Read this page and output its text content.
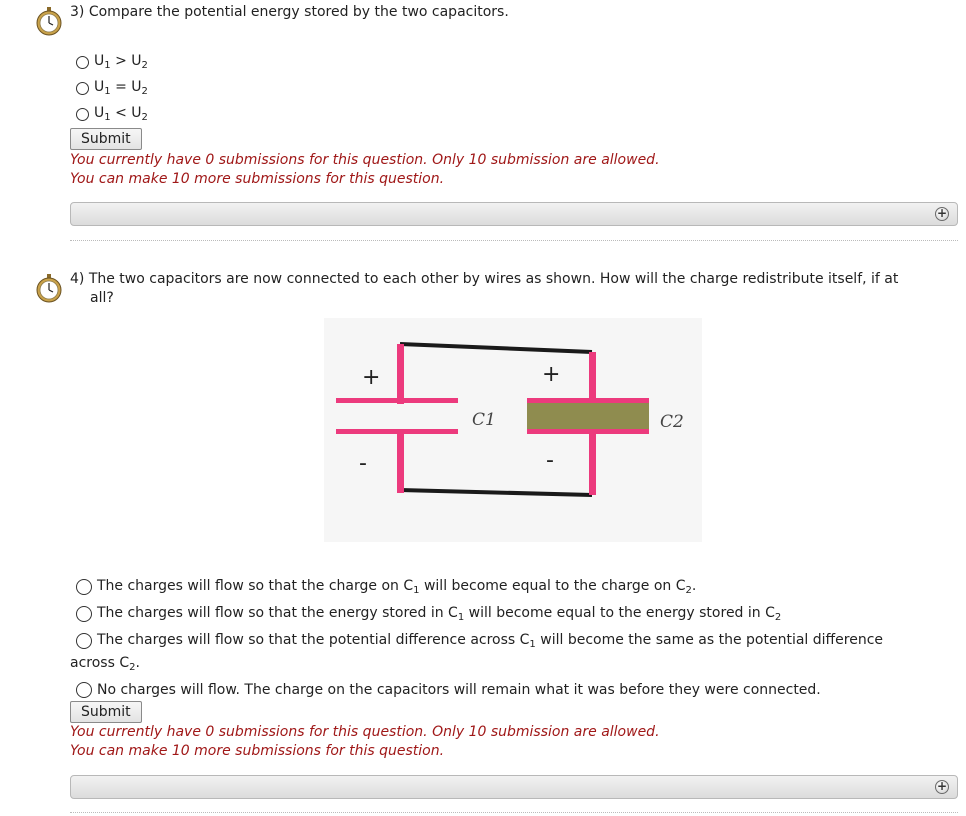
3) Compare the potential energy stored by the two capacitors.
$U_1 > U_2$
$U_1 = U_2$
$U_1 < U_2$
Submit
You currently have 0 submissions for this question. Only 10 submission are allowed.
You can make 10 more submissions for this question.
+
4) The two capacitors are now connected to each other by wires as shown. How will the charge redistribute itself, if at
all?
+
-
+
-
C1	C2
The charges will flow so that the charge on $C_1$ will become equal to the charge on $C_2$.
The charges will flow so that the energy stored in $C_1$ will become equal to the energy stored in $C_2$
The charges will flow so that the potential difference across $C_1$ will become the same as the potential difference
across $C_2$.
No charges will flow. The charge on the capacitors will remain what it was before they were connected.
Submit
You currently have 0 submissions for this question. Only 10 submission are allowed.
You can make 10 more submissions for this question.
+
